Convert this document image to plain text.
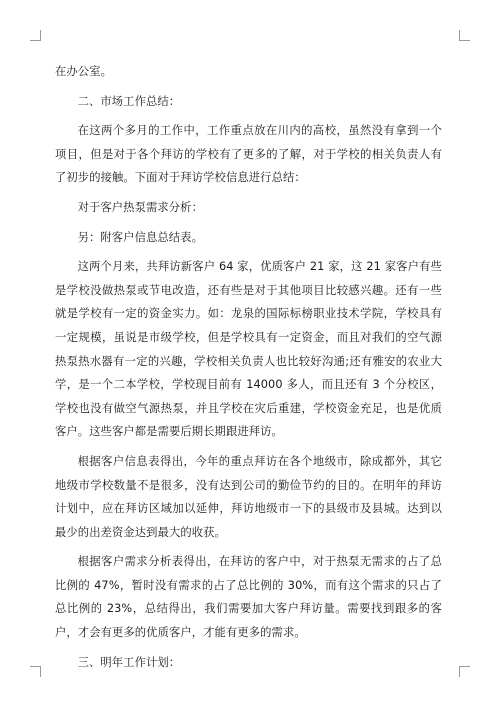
在办公室。

二、市场工作总结：

在这两个多月的工作中，工作重点放在川内的高校，虽然没有拿到一个项目，但是对于各个拜访的学校有了更多的了解，对于学校的相关负责人有了初步的接触。下面对于拜访学校信息进行总结：

对于客户热泵需求分析：

另：附客户信息总结表。

这两个月来，共拜访新客户 64 家，优质客户 21 家，这 21 家客户有些是学校没做热泵或节电改造，还有些是对于其他项目比较感兴趣。还有一些就是学校有一定的资金实力。如：龙泉的国际标榜职业技术学院，学校具有一定规模，虽说是市级学校，但是学校具有一定资金，而且对我们的空气源热泵热水器有一定的兴趣，学校相关负责人也比较好沟通;还有雅安的农业大学，是一个二本学校，学校现目前有 14000 多人，而且还有 3 个分校区，学校也没有做空气源热泵，并且学校在灾后重建，学校资金充足，也是优质客户。这些客户都是需要后期长期跟进拜访。

根据客户信息表得出，今年的重点拜访在各个地级市，除成都外，其它地级市学校数量不是很多，没有达到公司的勤俭节约的目的。在明年的拜访计划中，应在拜访区域加以延伸，拜访地级市一下的县级市及县城。达到以最少的出差资金达到最大的收获。

根据客户需求分析表得出，在拜访的客户中，对于热泵无需求的占了总比例的 47%，暂时没有需求的占了总比例的 30%，而有这个需求的只占了总比例的 23%，总结得出，我们需要加大客户拜访量。需要找到跟多的客户，才会有更多的优质客户，才能有更多的需求。

三、明年工作计划：
